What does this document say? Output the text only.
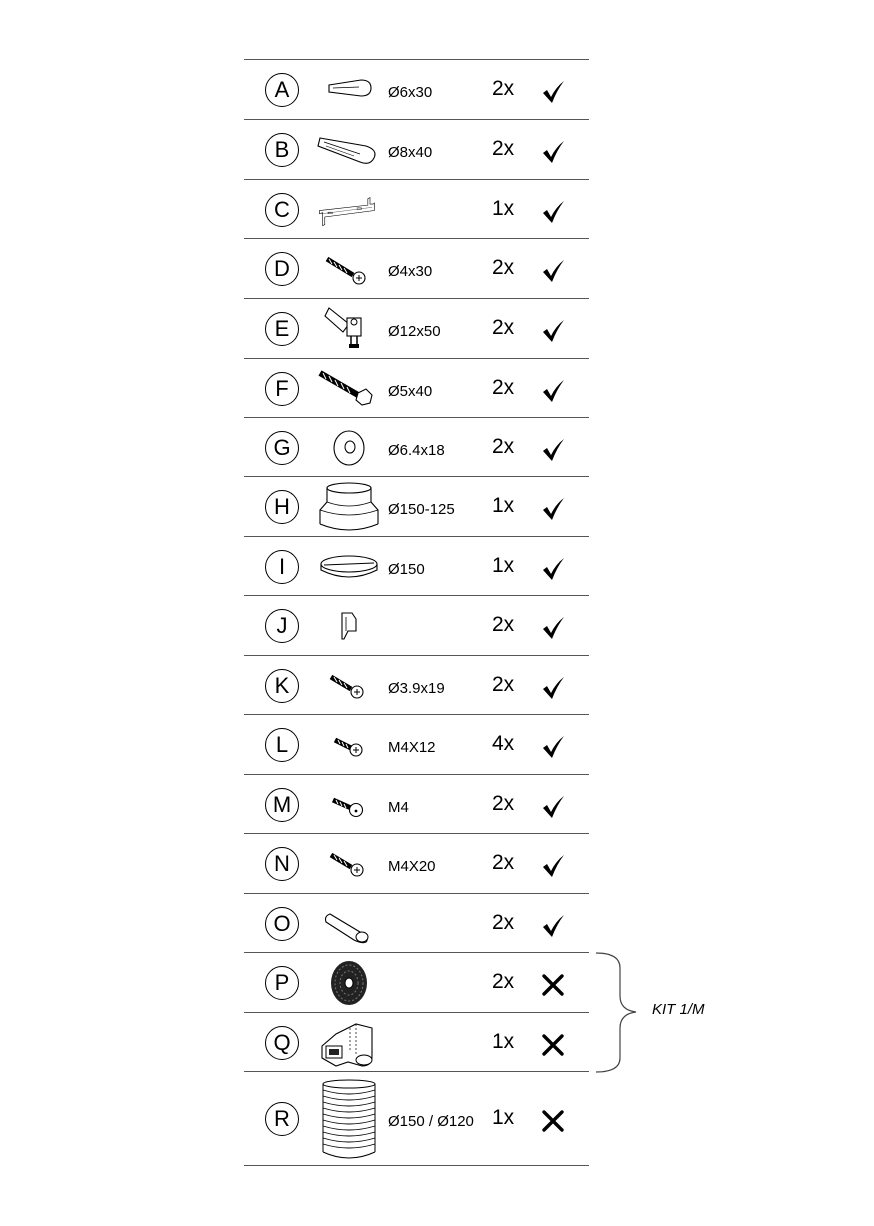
A	Ø6x30	2x
B	Ø8x40	2x
C	1x
D	Ø4x30	2x
E	Ø12x50 2x
F	Ø5x40	2x
G	Ø6.4x18 2x
H	Ø150-125 1x
I	Ø150	1x
J	2x
K	Ø3.9x19 2x
L	M4X12	4x
M	M4	2x
N	M4X20	2x
O	2x
P	2x
Q	1x
R	Ø150 / Ø120 1x
KIT 1/M
